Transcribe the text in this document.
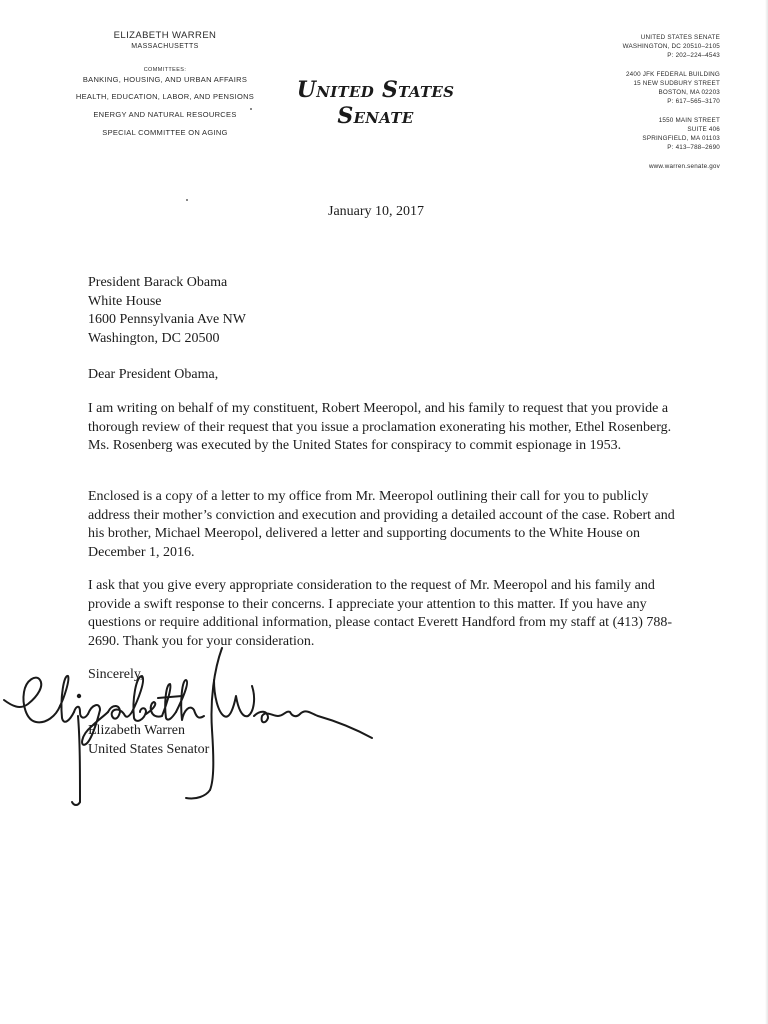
ELIZABETH WARREN
MASSACHUSETTS
COMMITTEES:
BANKING, HOUSING, AND URBAN AFFAIRS
HEALTH, EDUCATION, LABOR, AND PENSIONS
ENERGY AND NATURAL RESOURCES
SPECIAL COMMITTEE ON AGING
United States Senate
UNITED STATES SENATE
WASHINGTON, DC 20510–2105
P: 202–224–4543
2400 JFK FEDERAL BUILDING
15 NEW SUDBURY STREET
BOSTON, MA 02203
P: 617–565–3170
1550 MAIN STREET
SUITE 406
SPRINGFIELD, MA 01103
P: 413–788–2690
www.warren.senate.gov
January 10, 2017
President Barack Obama
White House
1600 Pennsylvania Ave NW
Washington, DC 20500
Dear President Obama,

I am writing on behalf of my constituent, Robert Meeropol, and his family to request that you provide a thorough review of their request that you issue a proclamation exonerating his mother, Ethel Rosenberg. Ms. Rosenberg was executed by the United States for conspiracy to commit espionage in 1953.

Enclosed is a copy of a letter to my office from Mr. Meeropol outlining their call for you to publicly address their mother’s conviction and execution and providing a detailed account of the case. Robert and his brother, Michael Meeropol, delivered a letter and supporting documents to the White House on December 1, 2016.

I ask that you give every appropriate consideration to the request of Mr. Meeropol and his family and provide a swift response to their concerns. I appreciate your attention to this matter. If you have any questions or require additional information, please contact Everett Handford from my staff at (413) 788-2690. Thank you for your consideration.

Sincerely,
Elizabeth Warren
United States Senator
